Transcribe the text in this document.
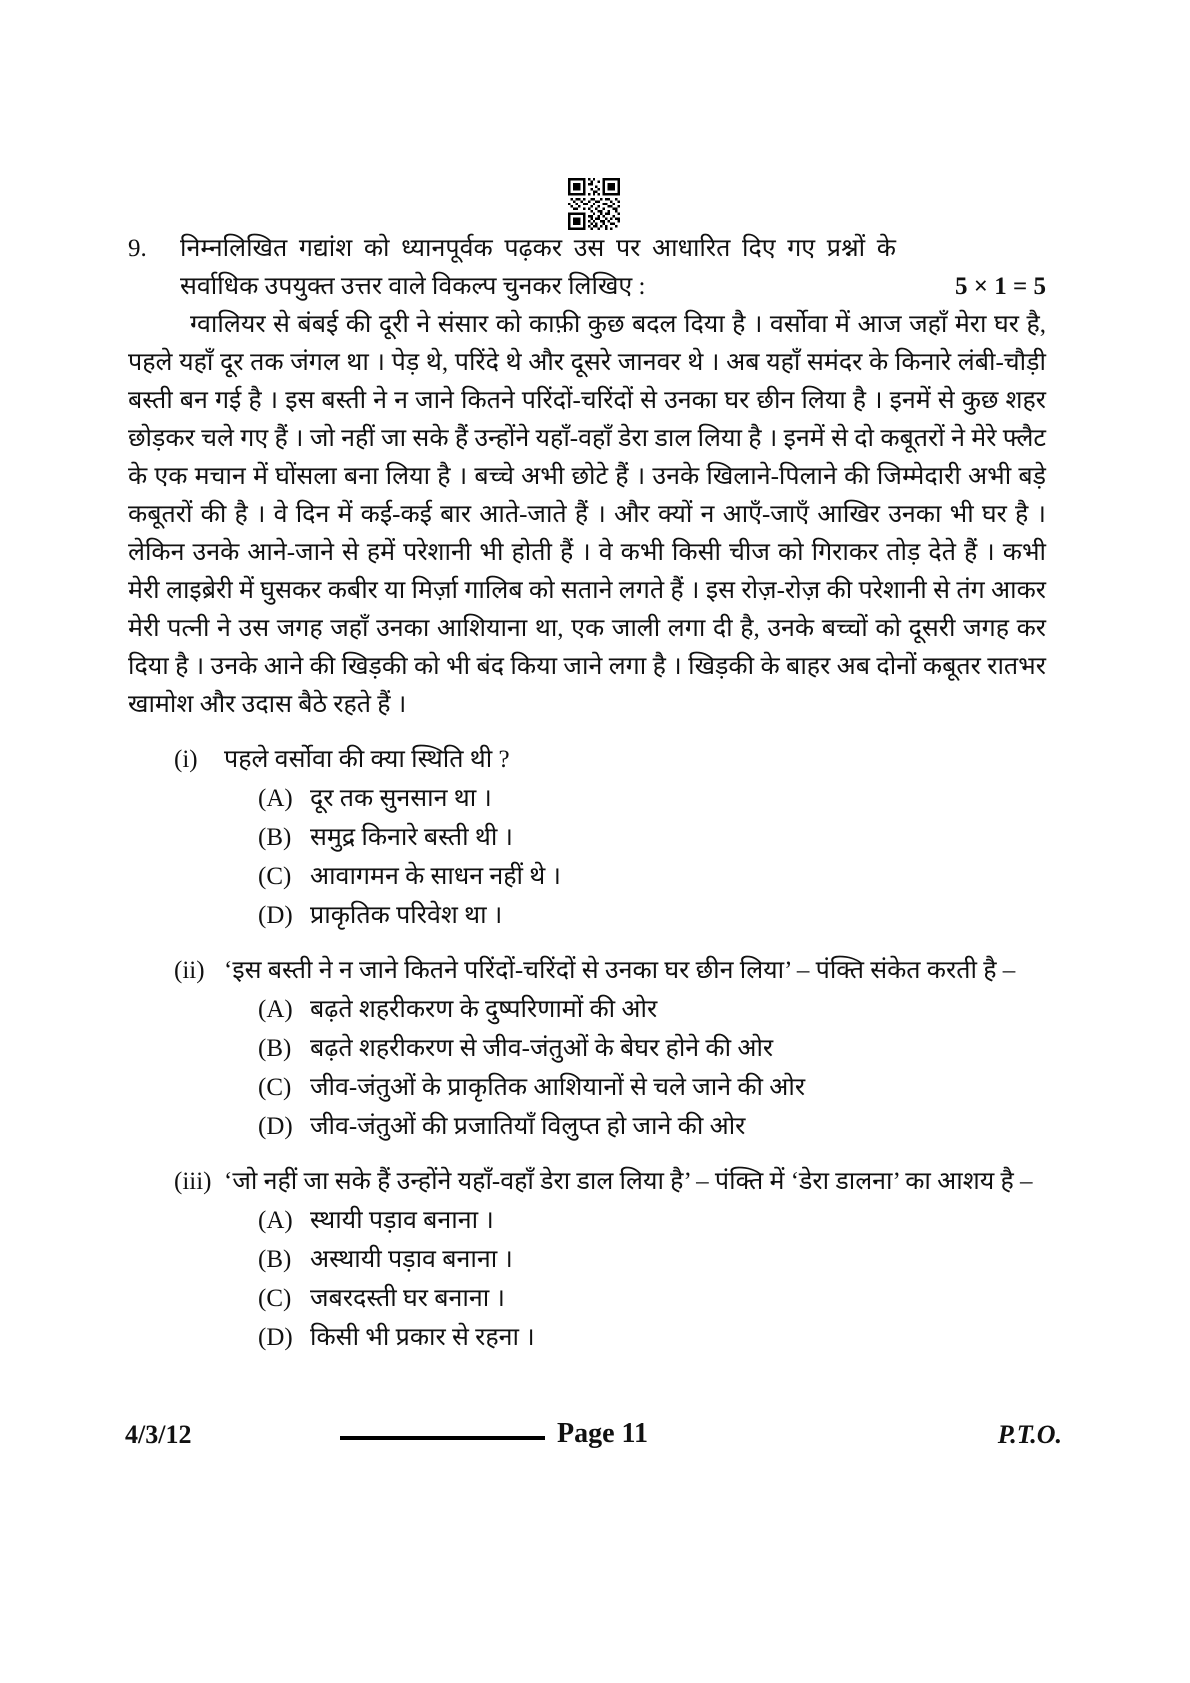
9.	निम्नलिखित गद्यांश को ध्यानपूर्वक पढ़कर उस पर आधारित दिए गए प्रश्नों के सर्वाधिक उपयुक्त उत्तर वाले विकल्प चुनकर लिखिए :	5 × 1 = 5

ग्वालियर से बंबई की दूरी ने संसार को काफ़ी कुछ बदल दिया है । वर्सोवा में आज जहाँ मेरा घर है, पहले यहाँ दूर तक जंगल था । पेड़ थे, परिंदे थे और दूसरे जानवर थे । अब यहाँ समंदर के किनारे लंबी-चौड़ी बस्ती बन गई है । इस बस्ती ने न जाने कितने परिंदों-चरिंदों से उनका घर छीन लिया है । इनमें से कुछ शहर छोड़कर चले गए हैं । जो नहीं जा सके हैं उन्होंने यहाँ-वहाँ डेरा डाल लिया है । इनमें से दो कबूतरों ने मेरे फ्लैट के एक मचान में घोंसला बना लिया है । बच्चे अभी छोटे हैं । उनके खिलाने-पिलाने की जिम्मेदारी अभी बड़े कबूतरों की है । वे दिन में कई-कई बार आते-जाते हैं । और क्यों न आएँ-जाएँ आखिर उनका भी घर है । लेकिन उनके आने-जाने से हमें परेशानी भी होती हैं । वे कभी किसी चीज को गिराकर तोड़ देते हैं । कभी मेरी लाइब्रेरी में घुसकर कबीर या मिर्ज़ा गालिब को सताने लगते हैं । इस रोज़-रोज़ की परेशानी से तंग आकर मेरी पत्नी ने उस जगह जहाँ उनका आशियाना था, एक जाली लगा दी है, उनके बच्चों को दूसरी जगह कर दिया है । उनके आने की खिड़की को भी बंद किया जाने लगा है । खिड़की के बाहर अब दोनों कबूतर रातभर खामोश और उदास बैठे रहते हैं ।

(i)	पहले वर्सोवा की क्या स्थिति थी ?
(A) दूर तक सुनसान था ।
(B) समुद्र किनारे बस्ती थी ।
(C) आवागमन के साधन नहीं थे ।
(D) प्राकृतिक परिवेश था ।
(ii) ‘इस बस्ती ने न जाने कितने परिंदों-चरिंदों से उनका घर छीन लिया’ – पंक्ति संकेत करती है –
(A) बढ़ते शहरीकरण के दुष्परिणामों की ओर
(B) बढ़ते शहरीकरण से जीव-जंतुओं के बेघर होने की ओर
(C) जीव-जंतुओं के प्राकृतिक आशियानों से चले जाने की ओर
(D) जीव-जंतुओं की प्रजातियाँ विलुप्त हो जाने की ओर
(iii) ‘जो नहीं जा सके हैं उन्होंने यहाँ-वहाँ डेरा डाल लिया है’ – पंक्ति में ‘डेरा डालना’ का आशय है –
(A) स्थायी पड़ाव बनाना ।
(B) अस्थायी पड़ाव बनाना ।
(C) जबरदस्ती घर बनाना ।
(D) किसी भी प्रकार से रहना ।
4/3/12	Page 11	P.T.O.
